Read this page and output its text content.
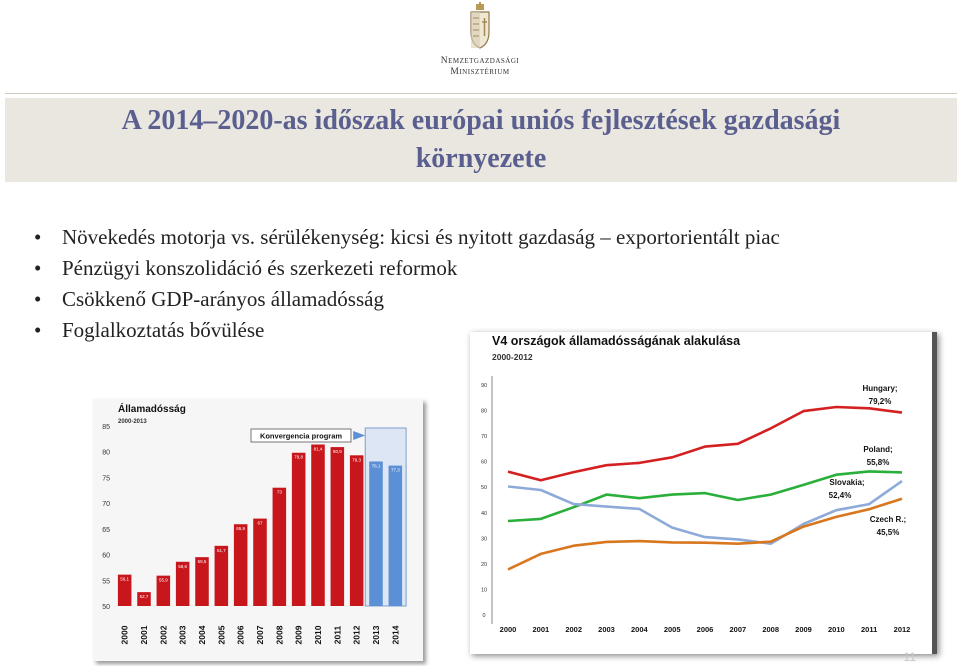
Nemzetgazdasági
Minisztérium
A 2014–2020-as időszak európai uniós fejlesztések gazdasági
környezete
• Növekedés motorja vs. sérülékenység: kicsi és nyitott gazdaság – exportorientált piac
• Pénzügyi konszolidáció és szerkezeti reformok
• Csökkenő GDP-arányos államadósság
• Foglalkoztatás bővülése
85
80
75
70
65
60
55
50
Államadósság
2000-2013
Konvergencia program
56,1
2000
52,7
2001
55,9
2002
58,6
2003
59,5
2004
61,7
2005
65,9
2006
67
2007
73
2008
79,8
2009
81,4
2010
80,9
2011
79,3
2012
78,1
2013
77,3
2014
V4 országok államadósságának alakulása
2000-2012
90
80
70
60
50
40
30
20
10
0
2000 2001 2002 2003 2004 2005 2006 2007 2008 2009 2010 2011 2012
Hungary;
79,2%
Poland;
55,8%
Slovakia;
52,4%
Czech R.;
45,5%
11
